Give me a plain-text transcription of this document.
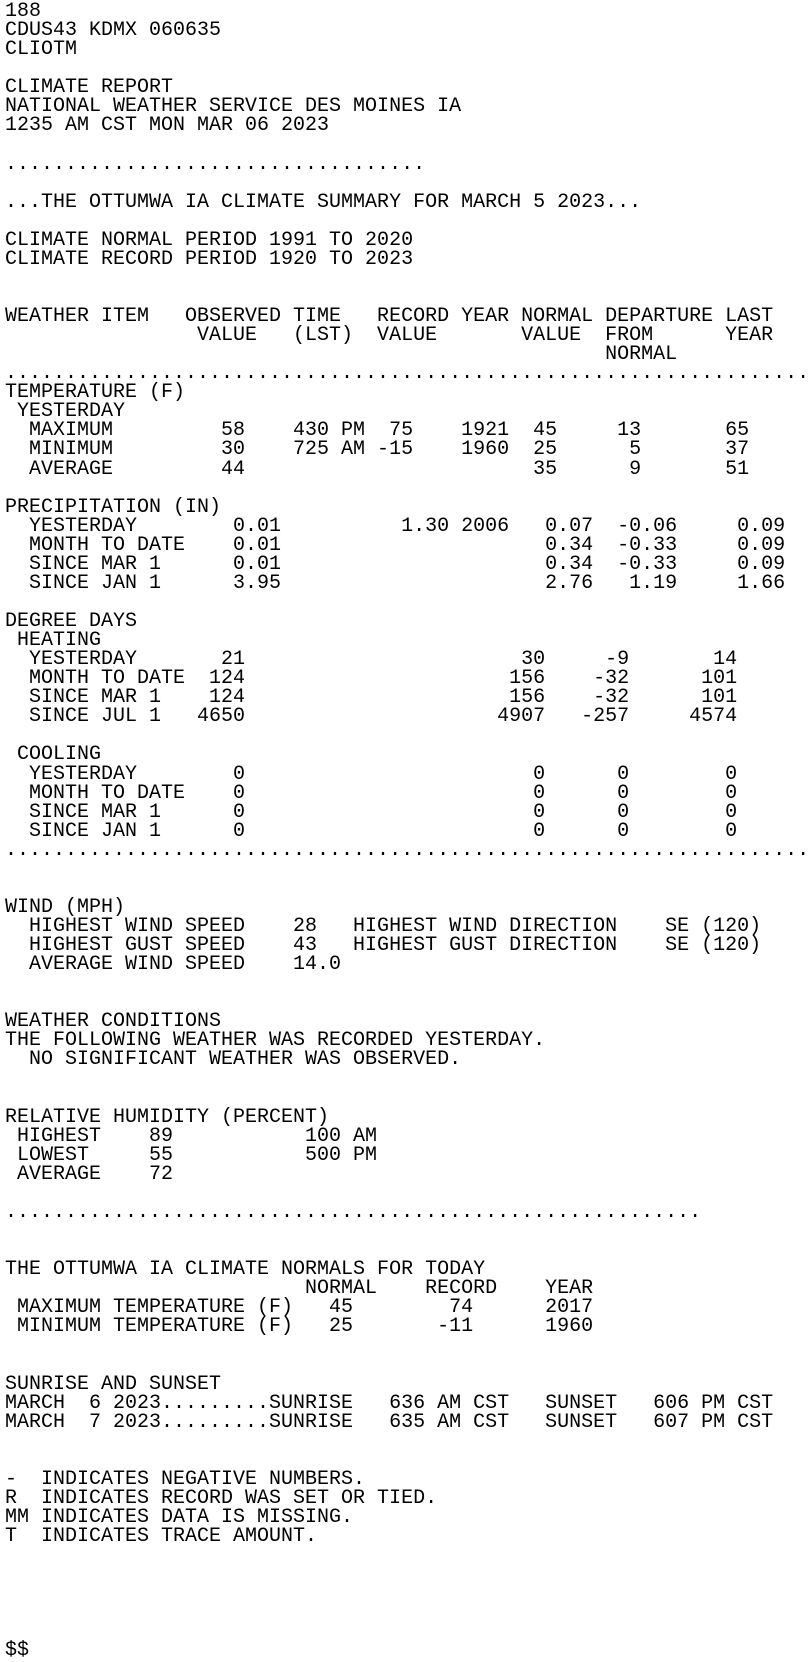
188
CDUS43 KDMX 060635
CLIOTM
CLIMATE REPORT
NATIONAL WEATHER SERVICE DES MOINES IA
1235 AM CST MON MAR 06 2023
...................................
...THE OTTUMWA IA CLIMATE SUMMARY FOR MARCH 5 2023...
CLIMATE NORMAL PERIOD 1991 TO 2020
CLIMATE RECORD PERIOD 1920 TO 2023
WEATHER ITEM   OBSERVED TIME   RECORD YEAR NORMAL DEPARTURE LAST
VALUE   (LST)  VALUE       VALUE  FROM      YEAR
NORMAL
...................................................................
TEMPERATURE (F)
YESTERDAY
MAXIMUM         58    430 PM  75    1921  45     13       65
MINIMUM         30    725 AM -15    1960  25      5       37
AVERAGE         44                        35      9       51
PRECIPITATION (IN)
YESTERDAY        0.01          1.30 2006   0.07  -0.06     0.09
MONTH TO DATE    0.01                      0.34  -0.33     0.09
SINCE MAR 1      0.01                      0.34  -0.33     0.09
SINCE JAN 1      3.95                      2.76   1.19     1.66
DEGREE DAYS
HEATING
YESTERDAY       21                       30     -9       14
MONTH TO DATE  124                      156    -32      101
SINCE MAR 1    124                      156    -32      101
SINCE JUL 1   4650                     4907   -257     4574
COOLING
YESTERDAY        0                        0      0        0
MONTH TO DATE    0                        0      0        0
SINCE MAR 1      0                        0      0        0
SINCE JAN 1      0                        0      0        0
...................................................................
WIND (MPH)
HIGHEST WIND SPEED    28   HIGHEST WIND DIRECTION    SE (120)
HIGHEST GUST SPEED    43   HIGHEST GUST DIRECTION    SE (120)
AVERAGE WIND SPEED    14.0
WEATHER CONDITIONS
THE FOLLOWING WEATHER WAS RECORDED YESTERDAY.
NO SIGNIFICANT WEATHER WAS OBSERVED.
RELATIVE HUMIDITY (PERCENT)
HIGHEST    89           100 AM
LOWEST     55           500 PM
AVERAGE    72
..........................................................
THE OTTUMWA IA CLIMATE NORMALS FOR TODAY
NORMAL    RECORD    YEAR
MAXIMUM TEMPERATURE (F)   45        74      2017
MINIMUM TEMPERATURE (F)   25       -11      1960
SUNRISE AND SUNSET
MARCH  6 2023.........SUNRISE   636 AM CST   SUNSET   606 PM CST
MARCH  7 2023.........SUNRISE   635 AM CST   SUNSET   607 PM CST
-  INDICATES NEGATIVE NUMBERS.
R  INDICATES RECORD WAS SET OR TIED.
MM INDICATES DATA IS MISSING.
T  INDICATES TRACE AMOUNT.
$$
